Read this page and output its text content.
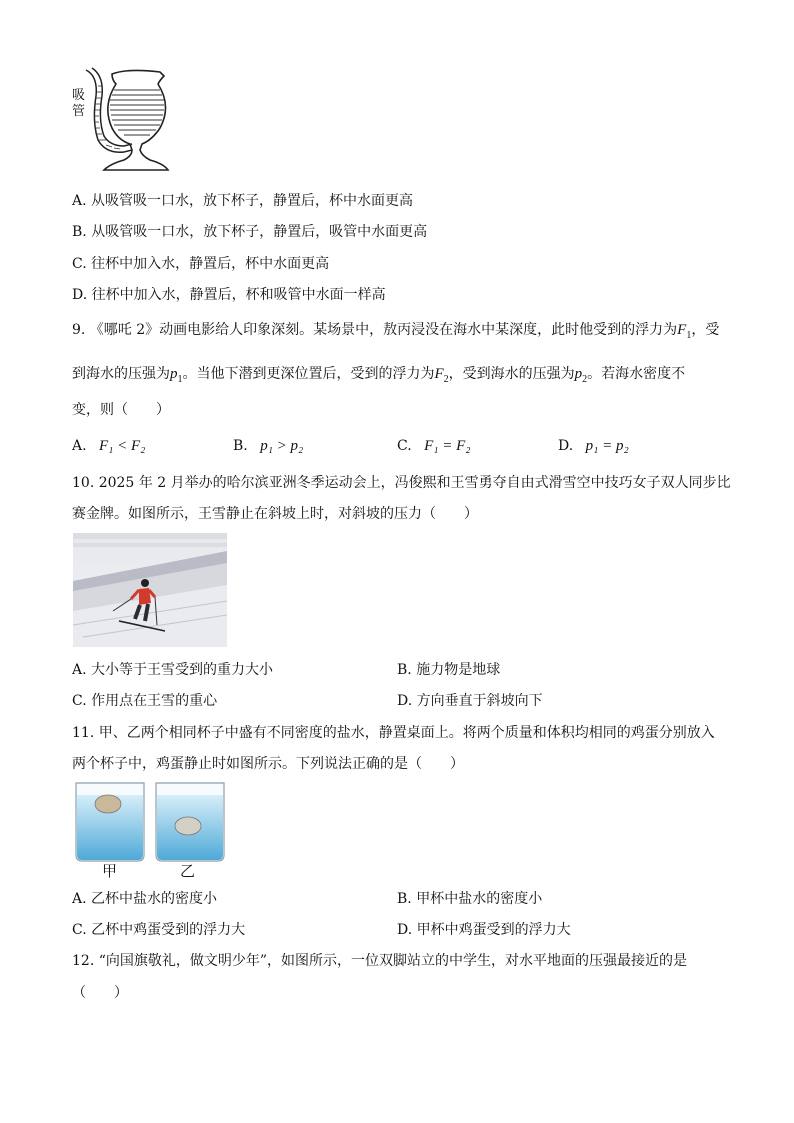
吸
管
A. 从吸管吸一口水，放下杯子，静置后，杯中水面更高
B. 从吸管吸一口水，放下杯子，静置后，吸管中水面更高
C. 往杯中加入水，静置后，杯中水面更高
D. 往杯中加入水，静置后，杯和吸管中水面一样高
9. 《哪吒 2》动画电影给人印象深刻。某场景中，敖丙浸没在海水中某深度，此时他受到的浮力为$F_1$，受
到海水的压强为$p_1$。当他下潜到更深位置后，受到的浮力为$F_2$，受到海水的压强为$p_2$。若海水密度不
变，则（　　）
A. F₁ < F₂	B. p₁ > p₂	C. F₁ = F₂	D. p₁ = p₂
10. 2025 年 2 月举办的哈尔滨亚洲冬季运动会上，冯俊熙和王雪勇夺自由式滑雪空中技巧女子双人同步比
赛金牌。如图所示，王雪静止在斜坡上时，对斜坡的压力（　　）
A. 大小等于王雪受到的重力大小	B. 施力物是地球
C. 作用点在王雪的重心	D. 方向垂直于斜坡向下
11. 甲、乙两个相同杯子中盛有不同密度的盐水，静置桌面上。将两个质量和体积均相同的鸡蛋分别放入
两个杯子中，鸡蛋静止时如图所示。下列说法正确的是（　　）
甲	乙
A. 乙杯中盐水的密度小	B. 甲杯中盐水的密度小
C. 乙杯中鸡蛋受到的浮力大	D. 甲杯中鸡蛋受到的浮力大
12. “向国旗敬礼，做文明少年”，如图所示，一位双脚站立的中学生，对水平地面的压强最接近的是
（　　）
